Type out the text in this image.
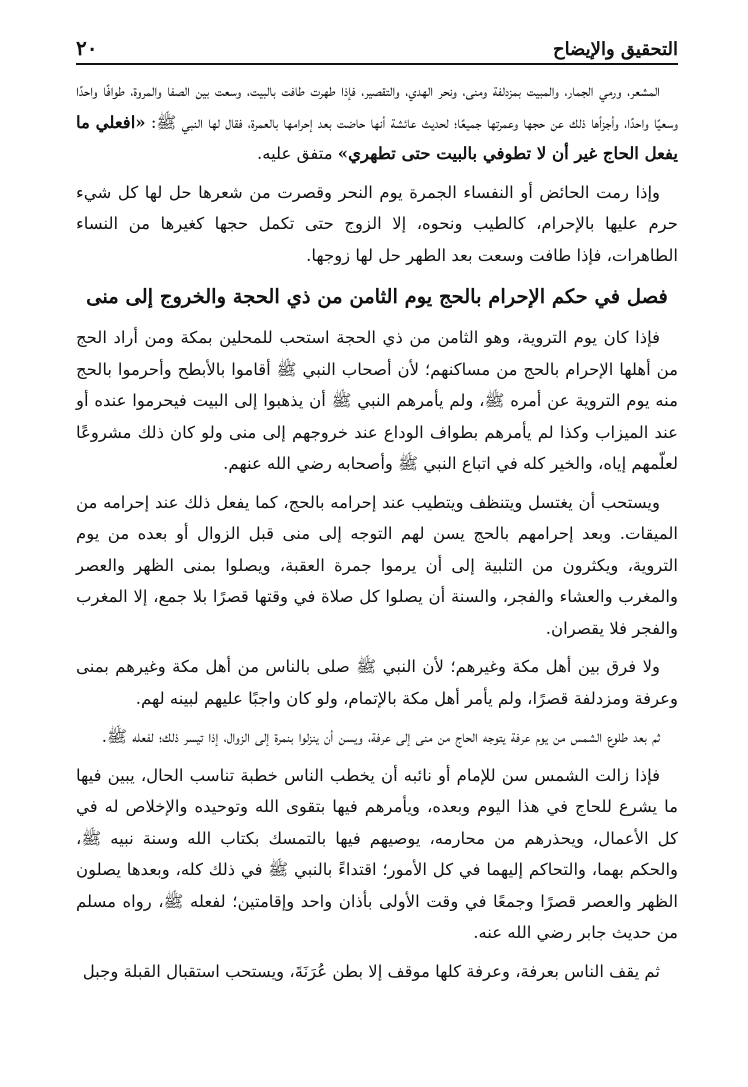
التحقيق والإيضاح
٢٠

المشعر، ورمي الجمار، والمبيت بمزدلفة ومنى، ونحر الهدي، والتقصير، فإذا طهرت طافت بالبيت، وسعت بين الصفا والمروة، طوافًا واحدًا وسعيًا واحدًا، وأجزأها ذلك عن حجها وعمرتها جميعًا؛ لحديث عائشة أنها حاضت بعد إحرامها بالعمرة، فقال لها النبي ﷺ: «افعلي ما يفعل الحاج غير أن لا تطوفي بالبيت حتى تطهري» متفق عليه.

وإذا رمت الحائض أو النفساء الجمرة يوم النحر وقصرت من شعرها حل لها كل شيء حرم عليها بالإحرام، كالطيب ونحوه، إلا الزوج حتى تكمل حجها كغيرها من النساء الطاهرات، فإذا طافت وسعت بعد الطهر حل لها زوجها.

فصل في حكم الإحرام بالحج يوم الثامن من ذي الحجة والخروج إلى منى

فإذا كان يوم التروية، وهو الثامن من ذي الحجة استحب للمحلين بمكة ومن أراد الحج من أهلها الإحرام بالحج من مساكنهم؛ لأن أصحاب النبي ﷺ أقاموا بالأبطح وأحرموا بالحج منه يوم التروية عن أمره ﷺ، ولم يأمرهم النبي ﷺ أن يذهبوا إلى البيت فيحرموا عنده أو عند الميزاب وكذا لم يأمرهم بطواف الوداع عند خروجهم إلى منى ولو كان ذلك مشروعًا لعلّمهم إياه، والخير كله في اتباع النبي ﷺ وأصحابه رضي الله عنهم.

ويستحب أن يغتسل ويتنظف ويتطيب عند إحرامه بالحج، كما يفعل ذلك عند إحرامه من الميقات. وبعد إحرامهم بالحج يسن لهم التوجه إلى منى قبل الزوال أو بعده من يوم التروية، ويكثرون من التلبية إلى أن يرموا جمرة العقبة، ويصلوا بمنى الظهر والعصر والمغرب والعشاء والفجر، والسنة أن يصلوا كل صلاة في وقتها قصرًا بلا جمع، إلا المغرب والفجر فلا يقصران.

ولا فرق بين أهل مكة وغيرهم؛ لأن النبي ﷺ صلى بالناس من أهل مكة وغيرهم بمنى وعرفة ومزدلفة قصرًا، ولم يأمر أهل مكة بالإتمام، ولو كان واجبًا عليهم لبينه لهم.

ثم بعد طلوع الشمس من يوم عرفة يتوجه الحاج من منى إلى عرفة، ويسن أن ينزلوا بنمرة إلى الزوال، إذا تيسر ذلك؛ لفعله ﷺ.

فإذا زالت الشمس سن للإمام أو نائبه أن يخطب الناس خطبة تناسب الحال، يبين فيها ما يشرع للحاج في هذا اليوم وبعده، ويأمرهم فيها بتقوى الله وتوحيده والإخلاص له في كل الأعمال، ويحذرهم من محارمه، يوصيهم فيها بالتمسك بكتاب الله وسنة نبيه ﷺ، والحكم بهما، والتحاكم إليهما في كل الأمور؛ اقتداءً بالنبي ﷺ في ذلك كله، وبعدها يصلون الظهر والعصر قصرًا وجمعًا في وقت الأولى بأذان واحد وإقامتين؛ لفعله ﷺ، رواه مسلم من حديث جابر رضي الله عنه.

ثم يقف الناس بعرفة، وعرفة كلها موقف إلا بطن عُرَنَةَ، ويستحب استقبال القبلة وجبل
